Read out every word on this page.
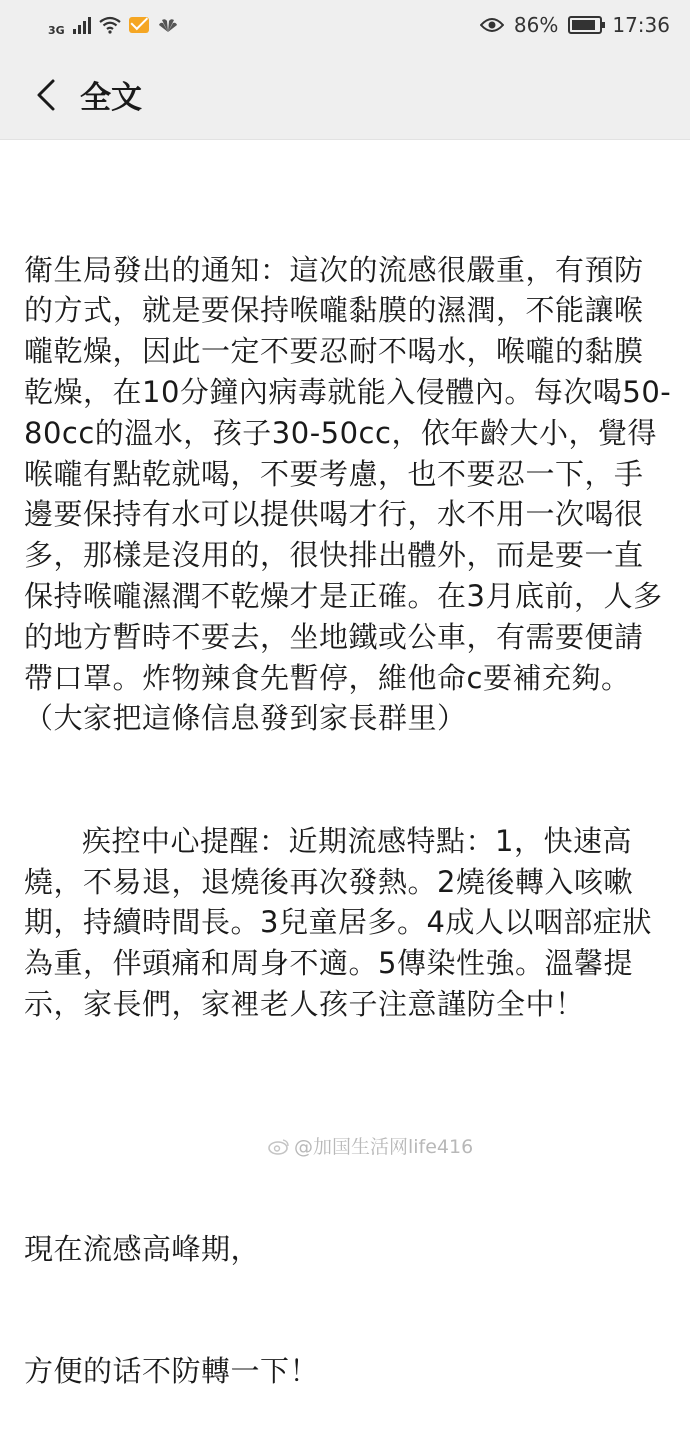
3G	86%	17:36
全文

衛生局發出的通知：這次的流感很嚴重，有預防的方式，就是要保持喉嚨黏膜的濕潤，不能讓喉嚨乾燥，因此一定不要忍耐不喝水，喉嚨的黏膜乾燥，在10分鐘內病毒就能入侵體內。每次喝50-80cc的溫水，孩子30-50cc，依年齡大小，覺得喉嚨有點乾就喝，不要考慮，也不要忍一下，手邊要保持有水可以提供喝才行，水不用一次喝很多，那樣是沒用的，很快排出體外，而是要一直保持喉嚨濕潤不乾燥才是正確。在3月底前，人多的地方暫時不要去，坐地鐵或公車，有需要便請帶口罩。炸物辣食先暫停，維他命c要補充夠。（大家把這條信息發到家長群里）

疾控中心提醒：近期流感特點：1，快速高燒，不易退，退燒後再次發熱。2燒後轉入咳嗽期，持續時間長。3兒童居多。4成人以咽部症狀為重，伴頭痛和周身不適。5傳染性強。溫馨提示，家長們，家裡老人孩子注意謹防全中！

現在流感高峰期，

方便的话不防轉一下！

@加国生活网life416
